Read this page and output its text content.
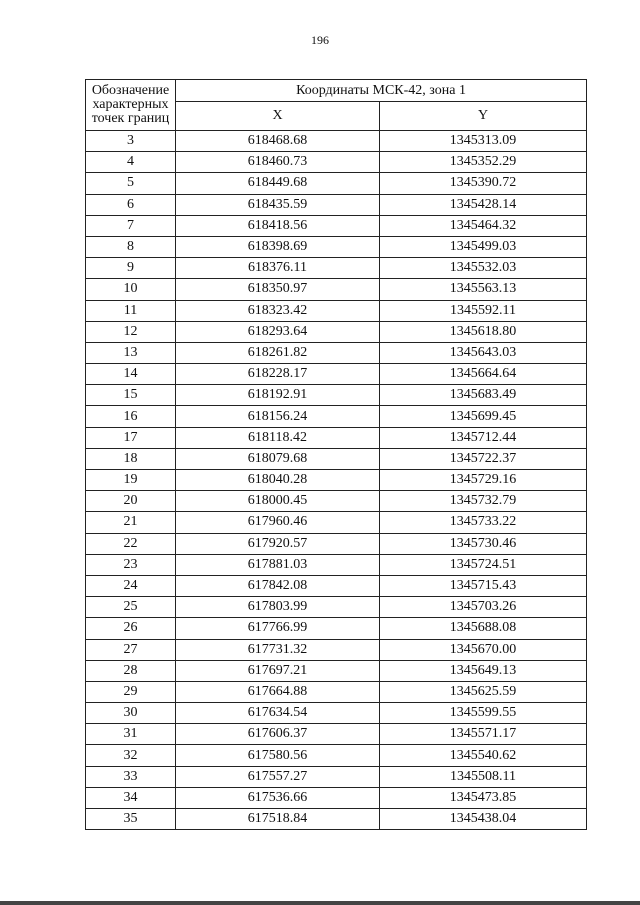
196
Обозначение характерных точек границ	Координаты МСК-42, зона 1	
	X	Y
3	618468.68	1345313.09
4	618460.73	1345352.29
5	618449.68	1345390.72
6	618435.59	1345428.14
7	618418.56	1345464.32
8	618398.69	1345499.03
9	618376.11	1345532.03
10	618350.97	1345563.13
11	618323.42	1345592.11
12	618293.64	1345618.80
13	618261.82	1345643.03
14	618228.17	1345664.64
15	618192.91	1345683.49
16	618156.24	1345699.45
17	618118.42	1345712.44
18	618079.68	1345722.37
19	618040.28	1345729.16
20	618000.45	1345732.79
21	617960.46	1345733.22
22	617920.57	1345730.46
23	617881.03	1345724.51
24	617842.08	1345715.43
25	617803.99	1345703.26
26	617766.99	1345688.08
27	617731.32	1345670.00
28	617697.21	1345649.13
29	617664.88	1345625.59
30	617634.54	1345599.55
31	617606.37	1345571.17
32	617580.56	1345540.62
33	617557.27	1345508.11
34	617536.66	1345473.85
35	617518.84	1345438.04
